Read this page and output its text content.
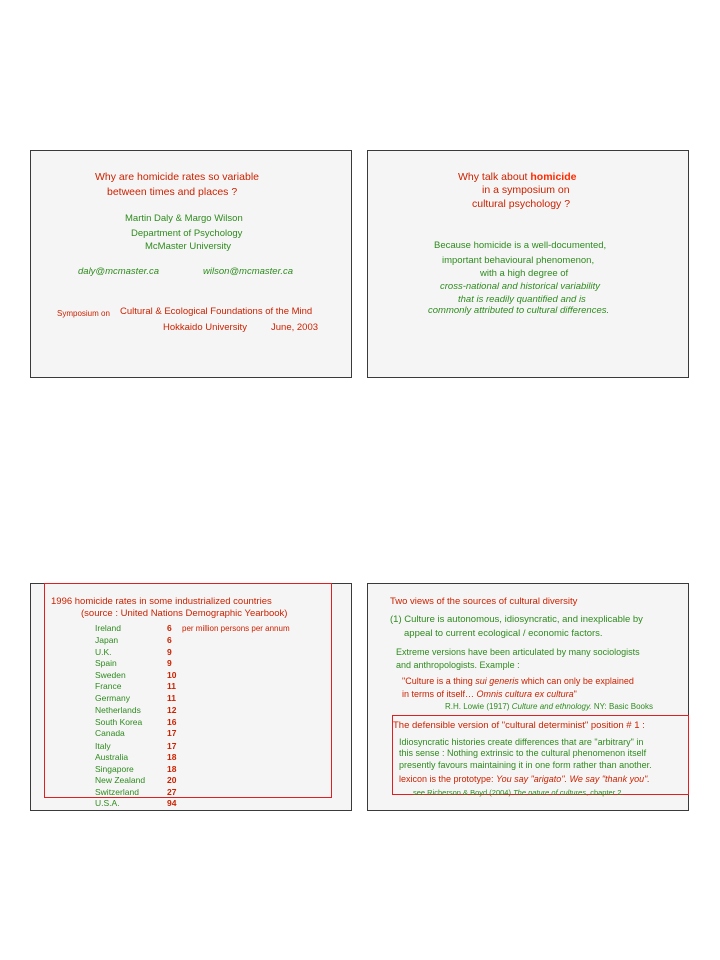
Why are homicide rates so variable
between times and places ?
Martin Daly & Margo Wilson
Department of Psychology
McMaster University
daly@mcmaster.ca	wilson@mcmaster.ca
Symposium on Cultural & Ecological Foundations of the Mind
Hokkaido University	June, 2003
Why talk about homicide
in a symposium on
cultural psychology ?
Because homicide is a well-documented,
important behavioural phenomenon,
with a high degree of
cross-national and historical variability
that is readily quantified and is
commonly attributed to cultural differences.
1996 homicide rates in some industrialized countries
(source : United Nations Demographic Yearbook)
per million persons per annum
Ireland	6
Japan	6
U.K.	9
Spain	9
Sweden	10
France	11
Germany	11
Netherlands	12
South Korea	16
Canada	17
Italy	17
Australia	18
Singapore	18
New Zealand	20
Switzerland	27
U.S.A.	94
Two views of the sources of cultural diversity
(1) Culture is autonomous, idiosyncratic, and inexplicable by
appeal to current ecological / economic factors.
Extreme versions have been articulated by many sociologists
and anthropologists. Example :
"Culture is a thing sui generis which can only be explained
in terms of itself… Omnis cultura ex cultura"
R.H. Lowie (1917) Culture and ethnology. NY: Basic Books
The defensible version of "cultural determinist" position # 1 :
Idiosyncratic histories create differences that are "arbitrary" in
this sense : Nothing extrinsic to the cultural phenomenon itself
presently favours maintaining it in one form rather than another.
lexicon is the prototype: You say "arigato". We say "thank you".
see Richerson & Boyd (2004) The nature of cultures, chapter 2.
